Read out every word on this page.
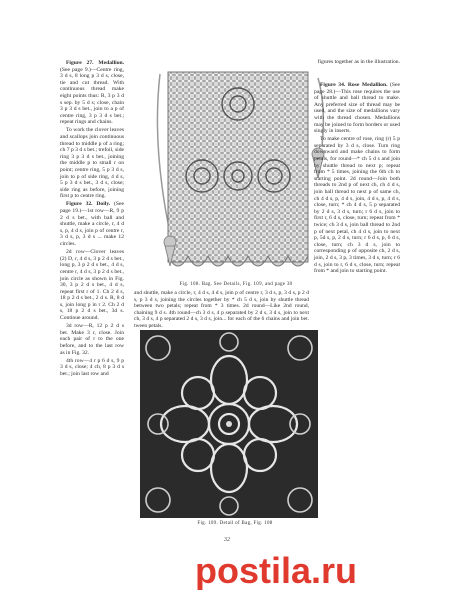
figures together as in the illustration.

Figure 27. Medallion. (See page 9.)—Centre ring, 3 d s, 8 long p 3 d s, close, tie and cut thread. With continuous thread make eight points thus: R, 3 p 3 d s sep. by 5 d s; close, chain 3 p 3 d s bet., join to a p of centre ring, 3 p 3 d s bet.; repeat rings and chains.

To work the clover leaves and scallops join continuous thread to middle p of a ring; ch 7 p 3 d s bet.; trefoil, side ring 3 p 3 d s bet., joining the middle p to small r on point; centre ring, 5 p 3 d s, join to p of side ring, 4 d s, 5 p 3 d s bet., 3 d s, close; side ring as before, joining first p to centre ring.

Figure 32. Doily. (See page 19.)—1st row—R, 9 p 2 d s bet., with ball and shuttle, make a circle, r, 4 d s, p, 4 d s, join p of centre r, 3 d s, p, 3 d s ... make 12 circles.

2d row—Clover leaves (2) D, r, 4 d s, 3 p 2 d s bet., long p, 3 p 2 d s bet., 4 d s, centre r, 4 d s, 3 p 2 d s bet., join circle as shown in Fig. 30, 3 p 2 d s bet., 4 d s, repeat first r of 1. Ch 2 d s, 18 p 2 d s bet., 2 d s. R, 8 d s, join long p in r 2. Ch 2 d s, 18 p 2 d s bet., 3d s. Continue around.

3d row—R, 12 p 2 d s bet. Make 3 r, close. Join each pair of r to the one before, and to the last row as in Fig. 32.

4th row—4 r p 6 d s, 9 p 3 d s, close; 4 ch, 8 p 3 d s bet.; join last row and

Fig. 108. Bag. See Details, Fig. 109, and page 30
and shuttle, make a circle, r, 4 d s, 4 d s, join p of centre r, 3 d s, p, 3 d s, p 2 d s, p 3 d s, joining the circles together by * ch 5 d s, join by shuttle thread between two petals; repeat from * 3 times. 2d round—Like 2nd round, chaining 9 d s. 4th round—ch 3 d s, 4 p separated by 2 d s, 3 d s, join to next ch, 3 d s, 4 p separated 2 d s, 3 d s, join... for each of the 6 chains and join bet. tween petals.
Fig. 109. Detail of Bag, Fig. 108
32

Figure 34. Rose Medallion. (See page 28.)—This rose requires the use of shuttle and ball thread to make. Any preferred size of thread may be used, and the size of medallions vary with the thread chosen. Medallions may be joined to form borders or used singly in inserts.

To make centre of rose, ring (r) 5 p separated by 3 d s, close. Turn ring downward and make chains to form petals, for round—* ch 5 d s and join by shuttle thread to next p; repeat from * 5 times, joining the 6th ch to starting point. 2d round—Join both threads to 2nd p of next ch, ch 4 d s, join ball thread to next p of same ch, ch 4 d s, p, 4 d s, join, 4 d s, p, 4 d s, close, turn; * ch 4 d s, 5 p separated by 2 d s, 3 d s, turn; r 6 d s, join to first r, 6 d s, close, turn; repeat from * twice; ch 3 d s, join ball thread to 2nd p of next petal, ch 4 d s, join to next p, 5d s, p, 2 d s, turn; r 6 d s, p, 6 d s, close, turn; ch 3 d s, join to corresponding p of opposite ch, 2 d s, join, 2 d s, 3 p, 3 times, 3 d s, turn; r 6 d s, join to r, 6 d s, close, turn; repeat from * and join to starting point.

postila.ru
